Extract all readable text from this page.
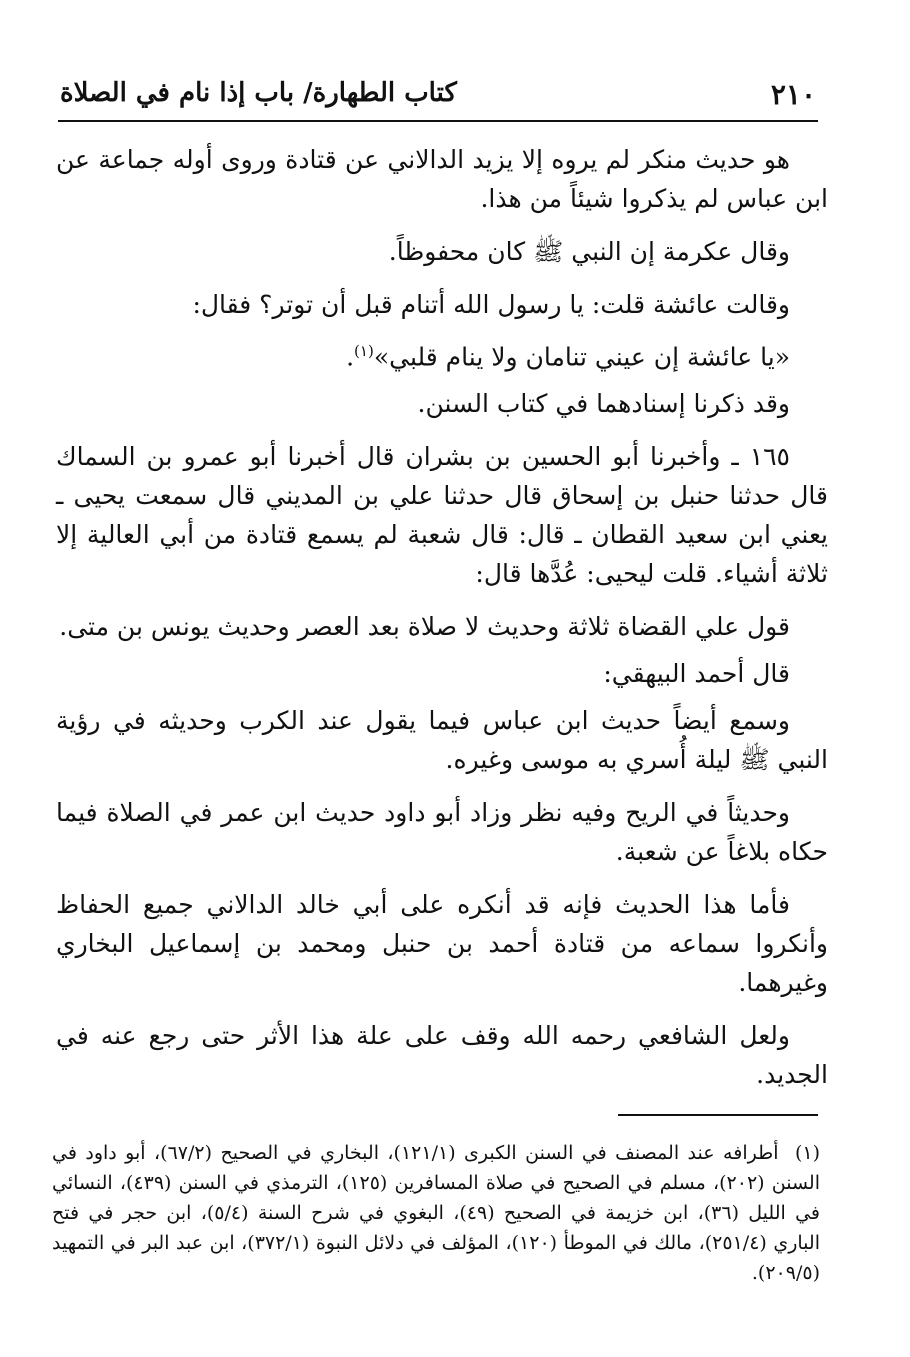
٢١٠
كتاب الطهارة/ باب إذا نام في الصلاة

هو حديث منكر لم يروه إلا يزيد الدالاني عن قتادة وروى أوله جماعة عن ابن عباس لم يذكروا شيئاً من هذا.

وقال عكرمة إن النبي ﷺ كان محفوظاً.

وقالت عائشة قلت: يا رسول الله أتنام قبل أن توتر؟ فقال:

«يا عائشة إن عيني تنامان ولا ينام قلبي»$^{(١)}$.

وقد ذكرنا إسنادهما في كتاب السنن.

١٦٥ ـ وأخبرنا أبو الحسين بن بشران قال أخبرنا أبو عمرو بن السماك قال حدثنا حنبل بن إسحاق قال حدثنا علي بن المديني قال سمعت يحيى ـ يعني ابن سعيد القطان ـ قال: قال شعبة لم يسمع قتادة من أبي العالية إلا ثلاثة أشياء. قلت ليحيى: عُدَّها قال:

قول علي القضاة ثلاثة وحديث لا صلاة بعد العصر وحديث يونس بن متى.

قال أحمد البيهقي:

وسمع أيضاً حديث ابن عباس فيما يقول عند الكرب وحديثه في رؤية النبي ﷺ ليلة أُسري به موسى وغيره.

وحديثاً في الريح وفيه نظر وزاد أبو داود حديث ابن عمر في الصلاة فيما حكاه بلاغاً عن شعبة.

فأما هذا الحديث فإنه قد أنكره على أبي خالد الدالاني جميع الحفاظ وأنكروا سماعه من قتادة أحمد بن حنبل ومحمد بن إسماعيل البخاري وغيرهما.

ولعل الشافعي رحمه الله وقف على علة هذا الأثر حتى رجع عنه في الجديد.

(١) أطرافه عند المصنف في السنن الكبرى (١٢١/١)، البخاري في الصحيح (٦٧/٢)، أبو داود في السنن (٢٠٢)، مسلم في الصحيح في صلاة المسافرين (١٢٥)، الترمذي في السنن (٤٣٩)، النسائي في الليل (٣٦)، ابن خزيمة في الصحيح (٤٩)، البغوي في شرح السنة (٥/٤)، ابن حجر في فتح الباري (٢٥١/٤)، مالك في الموطأ (١٢٠)، المؤلف في دلائل النبوة (٣٧٢/١)، ابن عبد البر في التمهيد (٢٠٩/٥).
